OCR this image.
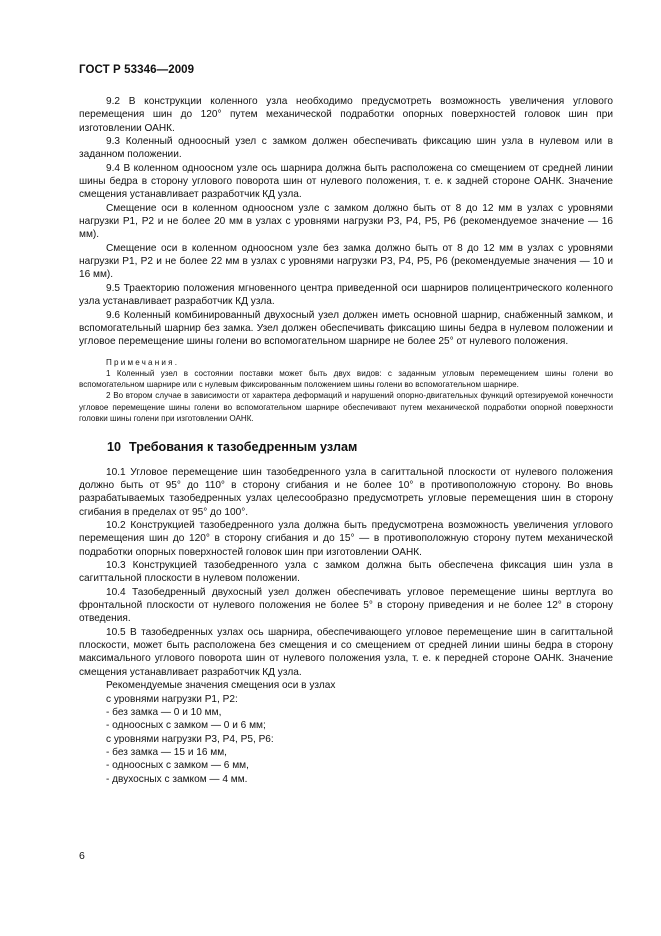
ГОСТ Р 53346—2009

9.2 В конструкции коленного узла необходимо предусмотреть возможность увеличения углового перемещения шин до 120° путем механической подработки опорных поверхностей головок шин при изготовлении ОАНК.

9.3 Коленный одноосный узел с замком должен обеспечивать фиксацию шин узла в нулевом или в заданном положении.

9.4 В коленном одноосном узле ось шарнира должна быть расположена со смещением от средней линии шины бедра в сторону углового поворота шин от нулевого положения, т. е. к задней стороне ОАНК. Значение смещения устанавливает разработчик КД узла.

Смещение оси в коленном одноосном узле с замком должно быть от 8 до 12 мм в узлах с уровнями нагрузки Р1, Р2 и не более 20 мм в узлах с уровнями нагрузки Р3, Р4, Р5, Р6 (рекомендуемое значение — 16 мм).

Смещение оси в коленном одноосном узле без замка должно быть от 8 до 12 мм в узлах с уровнями нагрузки Р1, Р2 и не более 22 мм в узлах с уровнями нагрузки Р3, Р4, Р5, Р6 (рекомендуемые значения — 10 и 16 мм).

9.5 Траекторию положения мгновенного центра приведенной оси шарниров полицентрического коленного узла устанавливает разработчик КД узла.

9.6 Коленный комбинированный двухосный узел должен иметь основной шарнир, снабженный замком, и вспомогательный шарнир без замка. Узел должен обеспечивать фиксацию шины бедра в нулевом положении и угловое перемещение шины голени во вспомогательном шарнире не более 25° от нулевого положения.

Примечания.

1 Коленный узел в состоянии поставки может быть двух видов: с заданным угловым перемещением шины голени во вспомогательном шарнире или с нулевым фиксированным положением шины голени во вспомогательном шарнире.

2 Во втором случае в зависимости от характера деформаций и нарушений опорно-двигательных функций ортезируемой конечности угловое перемещение шины голени во вспомогательном шарнире обеспечивают путем механической подработки опорной поверхности головки шины голени при изготовлении ОАНК.

10 Требования к тазобедренным узлам

10.1 Угловое перемещение шин тазобедренного узла в сагиттальной плоскости от нулевого положения должно быть от 95° до 110° в сторону сгибания и не более 10° в противоположную сторону. Во вновь разрабатываемых тазобедренных узлах целесообразно предусмотреть угловые перемещения шин в сторону сгибания в пределах от 95° до 100°.

10.2 Конструкцией тазобедренного узла должна быть предусмотрена возможность увеличения углового перемещения шин до 120° в сторону сгибания и до 15° — в противоположную сторону путем механической подработки опорных поверхностей головок шин при изготовлении ОАНК.

10.3 Конструкцией тазобедренного узла с замком должна быть обеспечена фиксация шин узла в сагиттальной плоскости в нулевом положении.

10.4 Тазобедренный двухосный узел должен обеспечивать угловое перемещение шины вертлуга во фронтальной плоскости от нулевого положения не более 5° в сторону приведения и не более 12° в сторону отведения.

10.5 В тазобедренных узлах ось шарнира, обеспечивающего угловое перемещение шин в сагиттальной плоскости, может быть расположена без смещения и со смещением от средней линии шины бедра в сторону максимального углового поворота шин от нулевого положения узла, т. е. к передней стороне ОАНК. Значение смещения устанавливает разработчик КД узла.

Рекомендуемые значения смещения оси в узлах

с уровнями нагрузки Р1, Р2:

- без замка — 0 и 10 мм,

- одноосных с замком — 0 и 6 мм;

с уровнями нагрузки Р3, Р4, Р5, Р6:

- без замка — 15 и 16 мм,

- одноосных с замком — 6 мм,

- двухосных с замком — 4 мм.

6
